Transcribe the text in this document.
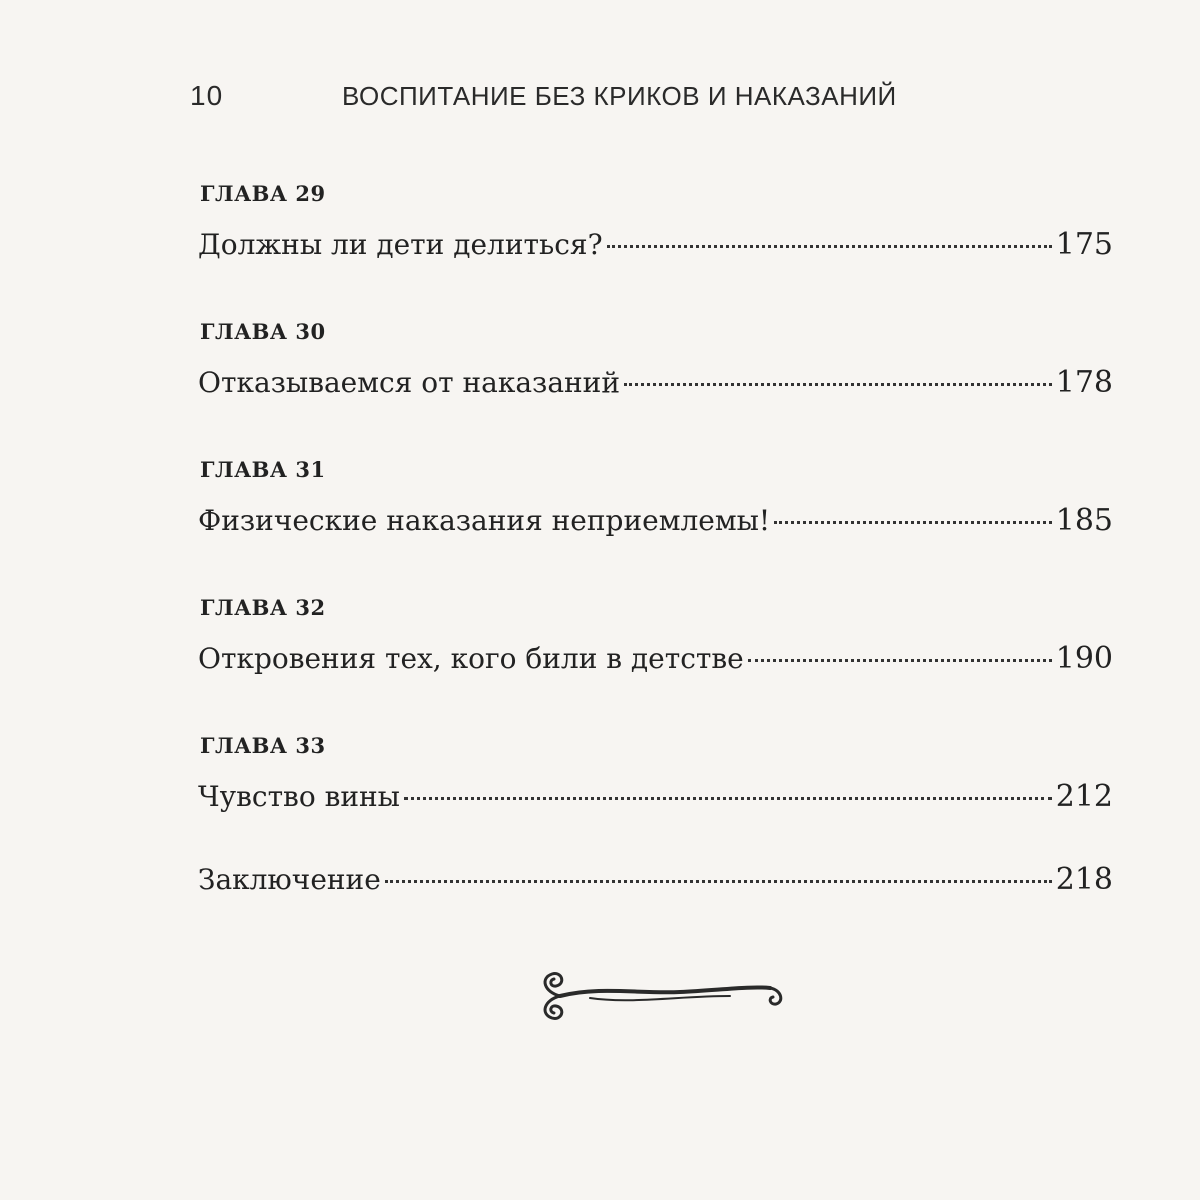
10	ВОСПИТАНИЕ БЕЗ КРИКОВ И НАКАЗАНИЙ
ГЛАВА 29
Должны ли дети делиться?	175
ГЛАВА 30
Отказываемся от наказаний	178
ГЛАВА 31
Физические наказания неприемлемы!	185
ГЛАВА 32
Откровения тех, кого били в детстве	190
ГЛАВА 33
Чувство вины	212
Заключение	218
